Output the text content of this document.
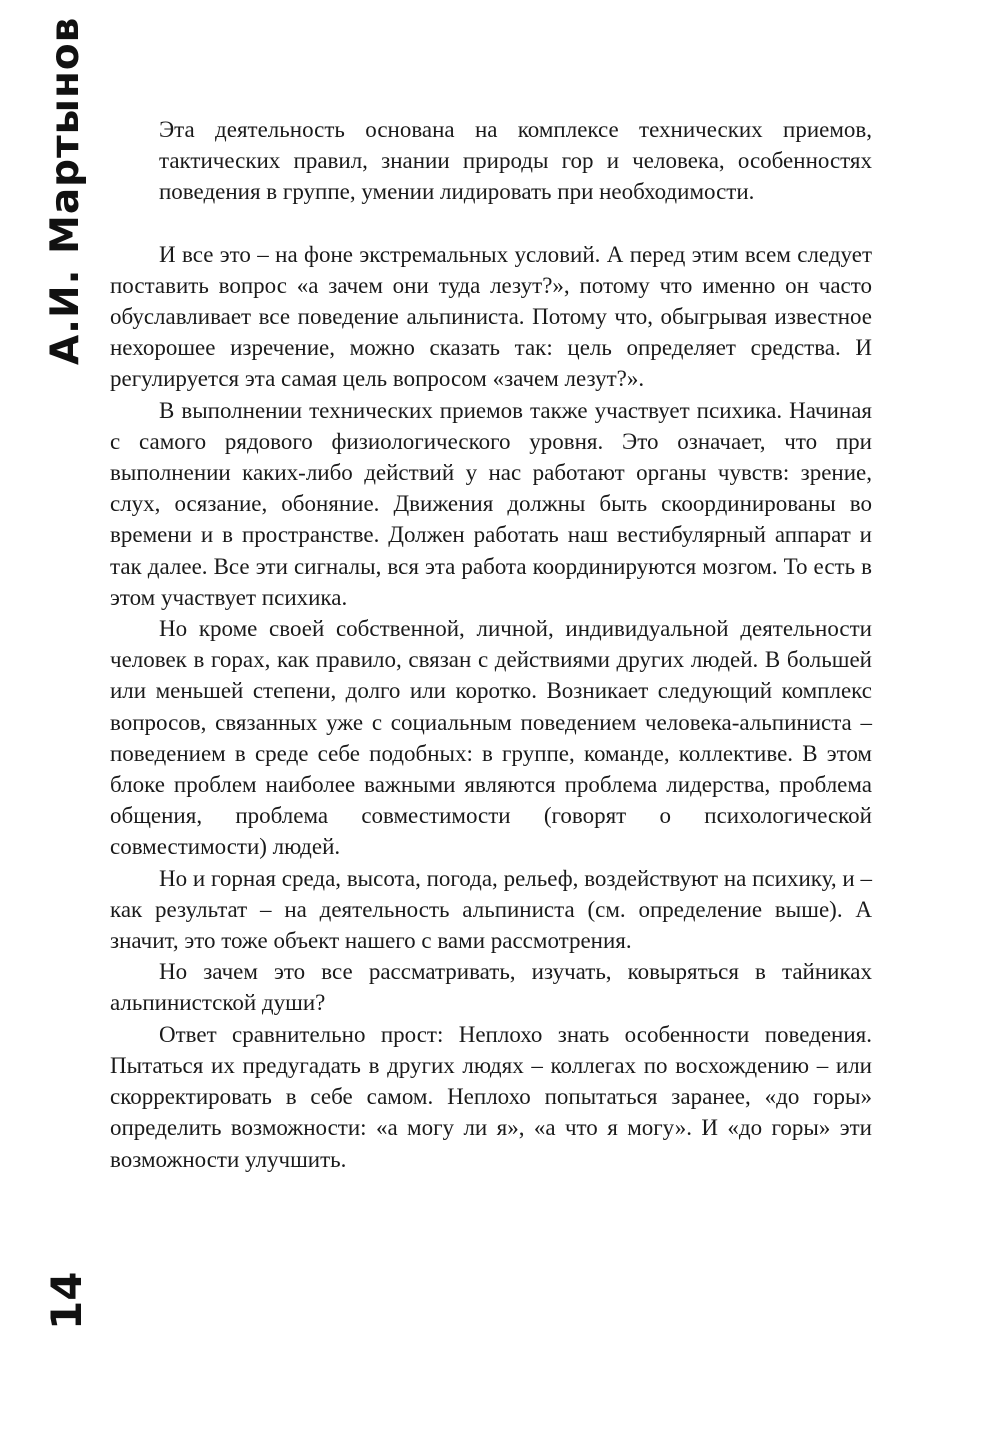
А.И. Мартынов
14

Эта деятельность основана на комплексе технических приемов, тактических правил, знании природы гор и человека, особенностях поведения в группе, умении лидировать при необходимости.

И все это – на фоне экстремальных условий. А перед этим всем следует поставить вопрос «а зачем они туда лезут?», потому что именно он часто обуславливает все поведение альпиниста. Потому что, обыгрывая известное нехорошее изречение, можно сказать так: цель определяет средства. И регулируется эта самая цель вопросом «зачем лезут?».

В выполнении технических приемов также участвует психика. Начиная с самого рядового физиологического уровня. Это означает, что при выполнении каких-либо действий у нас работают органы чувств: зрение, слух, осязание, обоняние. Движения должны быть скоординированы во времени и в пространстве. Должен работать наш вестибулярный аппарат и так далее. Все эти сигналы, вся эта работа координируются мозгом. То есть в этом участвует психика.

Но кроме своей собственной, личной, индивидуальной деятельности человек в горах, как правило, связан с действиями других людей. В большей или меньшей степени, долго или коротко. Возникает следующий комплекс вопросов, связанных уже с социальным поведением человека-альпиниста – поведением в среде себе подобных: в группе, команде, коллективе. В этом блоке проблем наиболее важными являются проблема лидерства, проблема общения, проблема совместимости (говорят о психологической совместимости) людей.

Но и горная среда, высота, погода, рельеф, воздействуют на психику, и – как результат – на деятельность альпиниста (см. определение выше). А значит, это тоже объект нашего с вами рассмотрения.

Но зачем это все рассматривать, изучать, ковыряться в тайниках альпинистской души?

Ответ сравнительно прост: Неплохо знать особенности поведения. Пытаться их предугадать в других людях – коллегах по восхождению – или скорректировать в себе самом. Неплохо попытаться заранее, «до горы» определить возможности: «а могу ли я», «а что я могу». И «до горы» эти возможности улучшить.
